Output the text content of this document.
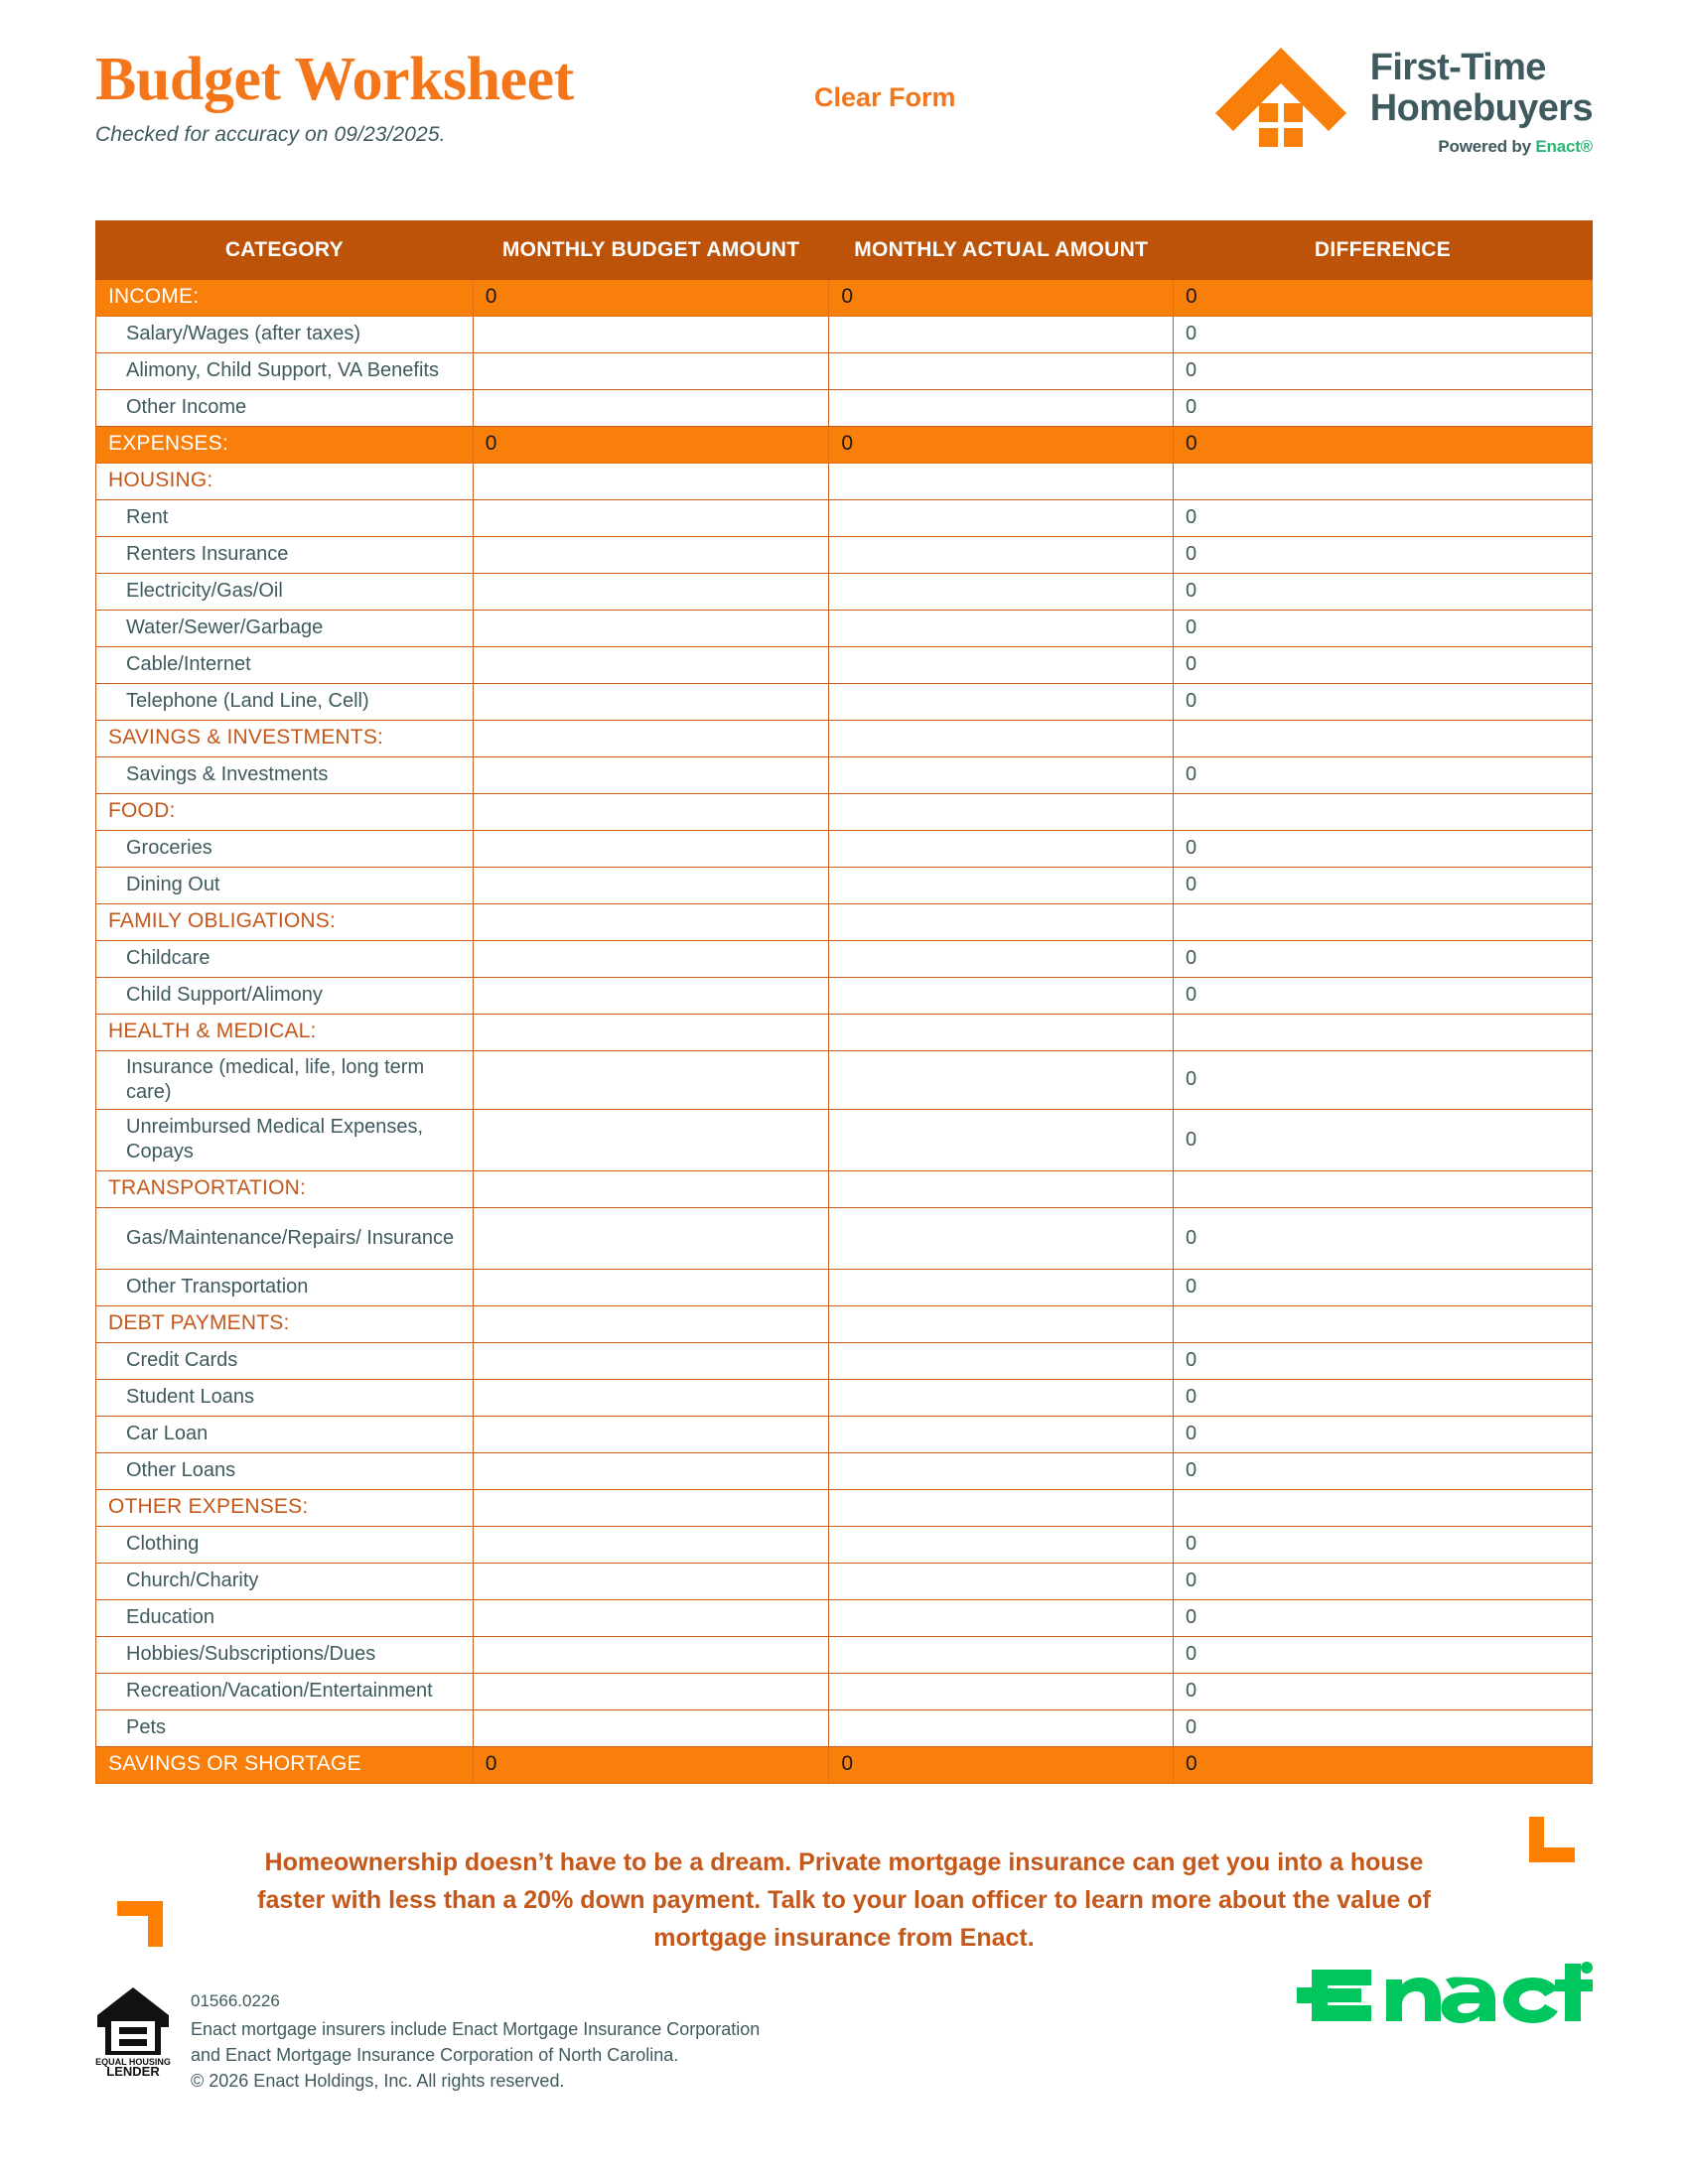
Budget Worksheet
Checked for accuracy on 09/23/2025.
Clear Form
First-Time
Homebuyers
Powered by Enact®
CATEGORY	MONTHLY BUDGET AMOUNT	MONTHLY ACTUAL AMOUNT	DIFFERENCE
INCOME:	0	0	0
Salary/Wages (after taxes)			0
Alimony, Child Support, VA Benefits			0
Other Income			0
EXPENSES:	0	0	0
HOUSING:			
Rent			0
Renters Insurance			0
Electricity/Gas/Oil			0
Water/Sewer/Garbage			0
Cable/Internet			0
Telephone (Land Line, Cell)			0
SAVINGS & INVESTMENTS:			
Savings & Investments			0
FOOD:			
Groceries			0
Dining Out			0
FAMILY OBLIGATIONS:			
Childcare			0
Child Support/Alimony			0
HEALTH & MEDICAL:			
Insurance (medical, life, long term care)			0
Unreimbursed Medical Expenses, Copays			0
TRANSPORTATION:			
Gas/Maintenance/Repairs/ Insurance			0
Other Transportation			0
DEBT PAYMENTS:			
Credit Cards			0
Student Loans			0
Car Loan			0
Other Loans			0
OTHER EXPENSES:			
Clothing			0
Church/Charity			0
Education			0
Hobbies/Subscriptions/Dues			0
Recreation/Vacation/Entertainment			0
Pets			0
SAVINGS OR SHORTAGE	0	0	0
Homeownership doesn’t have to be a dream. Private mortgage insurance can get you into a house faster with less than a 20% down payment. Talk to your loan officer to learn more about the value of mortgage insurance from Enact.
EQUAL HOUSING
LENDER
01566.0226
Enact mortgage insurers include Enact Mortgage Insurance Corporation
and Enact Mortgage Insurance Corporation of North Carolina.
© 2026 Enact Holdings, Inc. All rights reserved.
